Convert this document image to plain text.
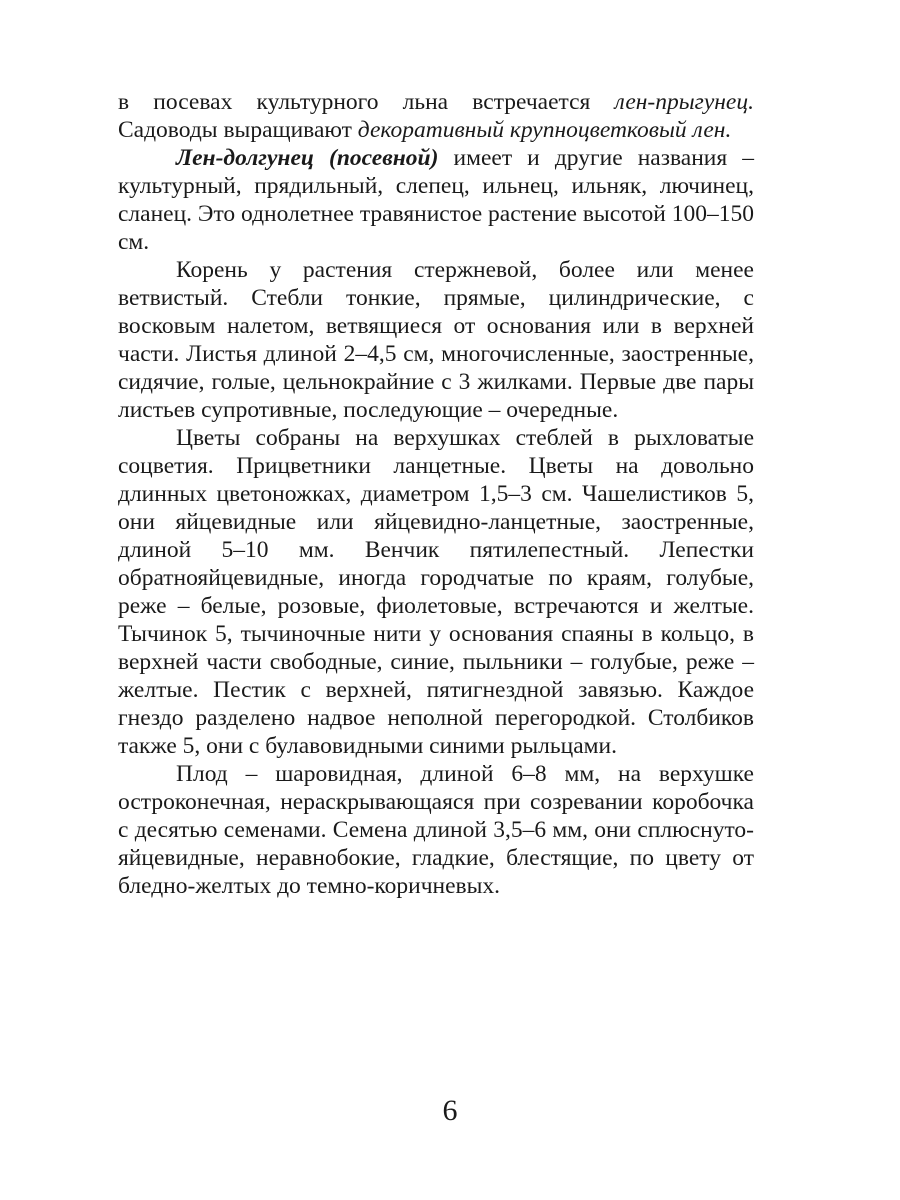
в посевах культурного льна встречается лен-прыгунец. Садоводы выращивают декоративный крупноцветковый лен.

Лен-долгунец (посевной) имеет и другие названия – культурный, прядильный, слепец, ильнец, ильняк, лючинец, сланец. Это однолетнее травянистое растение высотой 100–150 см.

Корень у растения стержневой, более или менее ветвистый. Стебли тонкие, прямые, цилиндрические, с восковым налетом, ветвящиеся от основания или в верхней части. Листья длиной 2–4,5 см, многочисленные, заостренные, сидячие, голые, цельнокрайние с 3 жилками. Первые две пары листьев супротивные, последующие – очередные.

Цветы собраны на верхушках стеблей в рыхловатые соцветия. Прицветники ланцетные. Цветы на довольно длинных цветоножках, диаметром 1,5–3 см. Чашелистиков 5, они яйцевидные или яйцевидно-ланцетные, заостренные, длиной 5–10 мм. Венчик пятилепестный. Лепестки обратнояйцевидные, иногда городчатые по краям, голубые, реже – белые, розовые, фиолетовые, встречаются и желтые. Тычинок 5, тычиночные нити у основания спаяны в кольцо, в верхней части свободные, синие, пыльники – голубые, реже – желтые. Пестик с верхней, пятигнездной завязью. Каждое гнездо разделено надвое неполной перегородкой. Столбиков также 5, они с булавовидными синими рыльцами.

Плод – шаровидная, длиной 6–8 мм, на верхушке остроконечная, нераскрывающаяся при созревании коробочка с десятью семенами. Семена длиной 3,5–6 мм, они сплюснуто-яйцевидные, неравнобокие, гладкие, блестящие, по цвету от бледно-желтых до темно-коричневых.

6
